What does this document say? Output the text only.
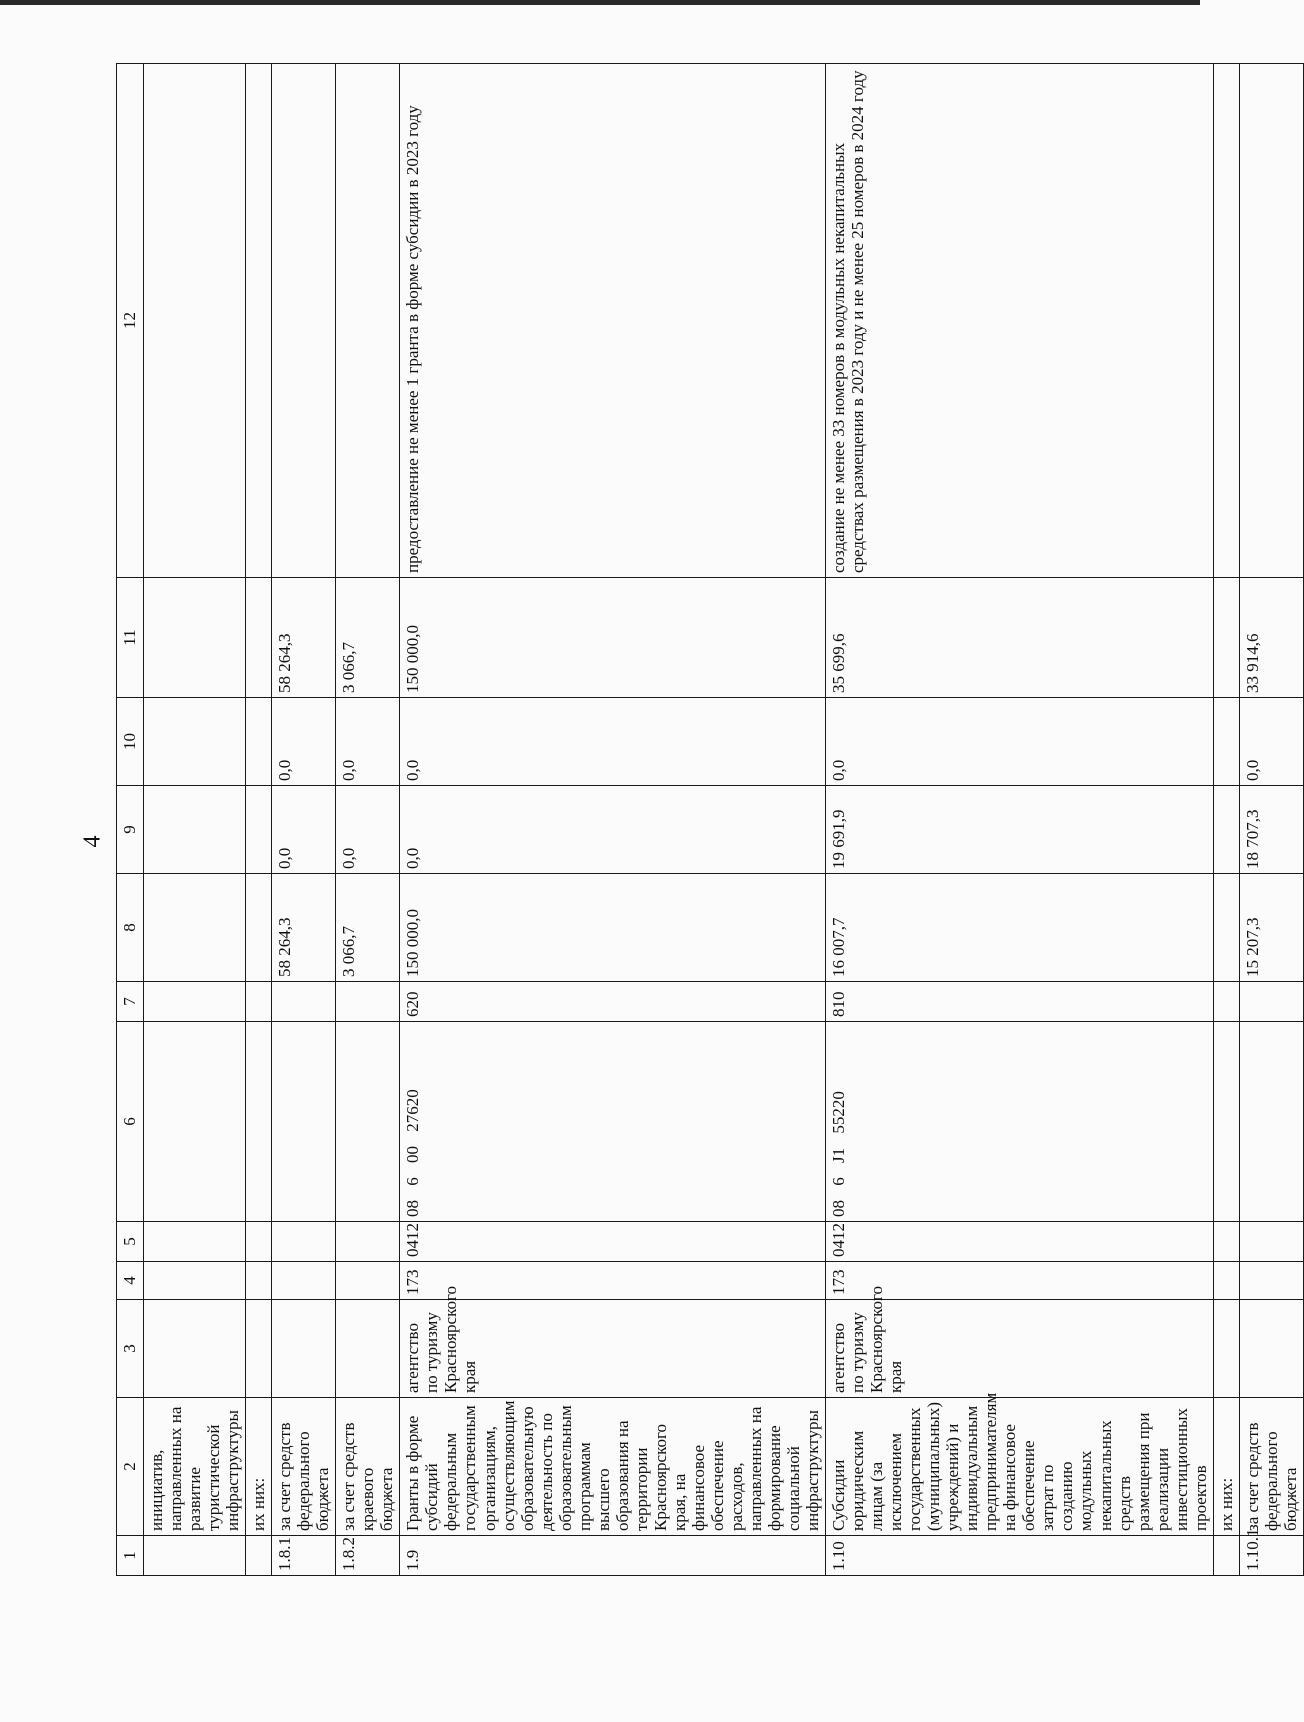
4
1	2	3	4	5	6	7	8	9	10	11	12
	инициатив, направленных на развитие туристической инфраструктуры										
	их них:										
1.8.1	за счет средств федерального бюджета						58 264,3	0,0	0,0	58 264,3	
1.8.2	за счет средств краевого бюджета						3 066,7	0,0	0,0	3 066,7	
1.9	Гранты в форме субсидий федеральным государственным организациям, осуществляющим образовательную деятельность по образовательным программам высшего образования на территории Красноярского края, на финансовое обеспечение расходов, направленных на формирование социальной инфраструктуры	агентство по туризму Красноярского края	173	0412	08 6 00 27620	620	150 000,0	0,0	0,0	150 000,0	предоставление не менее 1 гранта в форме субсидии в 2023 году
1.10	Субсидии юридическим лицам (за исключением государственных (муниципальных) учреждений) и индивидуальным предпринимателям на финансовое обеспечение затрат по созданию модульных некапитальных средств размещения при реализации инвестиционных проектов	агентство по туризму Красноярского края	173	0412	08 6 J1 55220	810	16 007,7	19 691,9	0,0	35 699,6	создание не менее 33 номеров в модульных некапитальных средствах размещения в 2023 году и не менее 25 номеров в 2024 году
	их них:										
1.10.1	за счет средств федерального бюджета						15 207,3	18 707,3	0,0	33 914,6	
